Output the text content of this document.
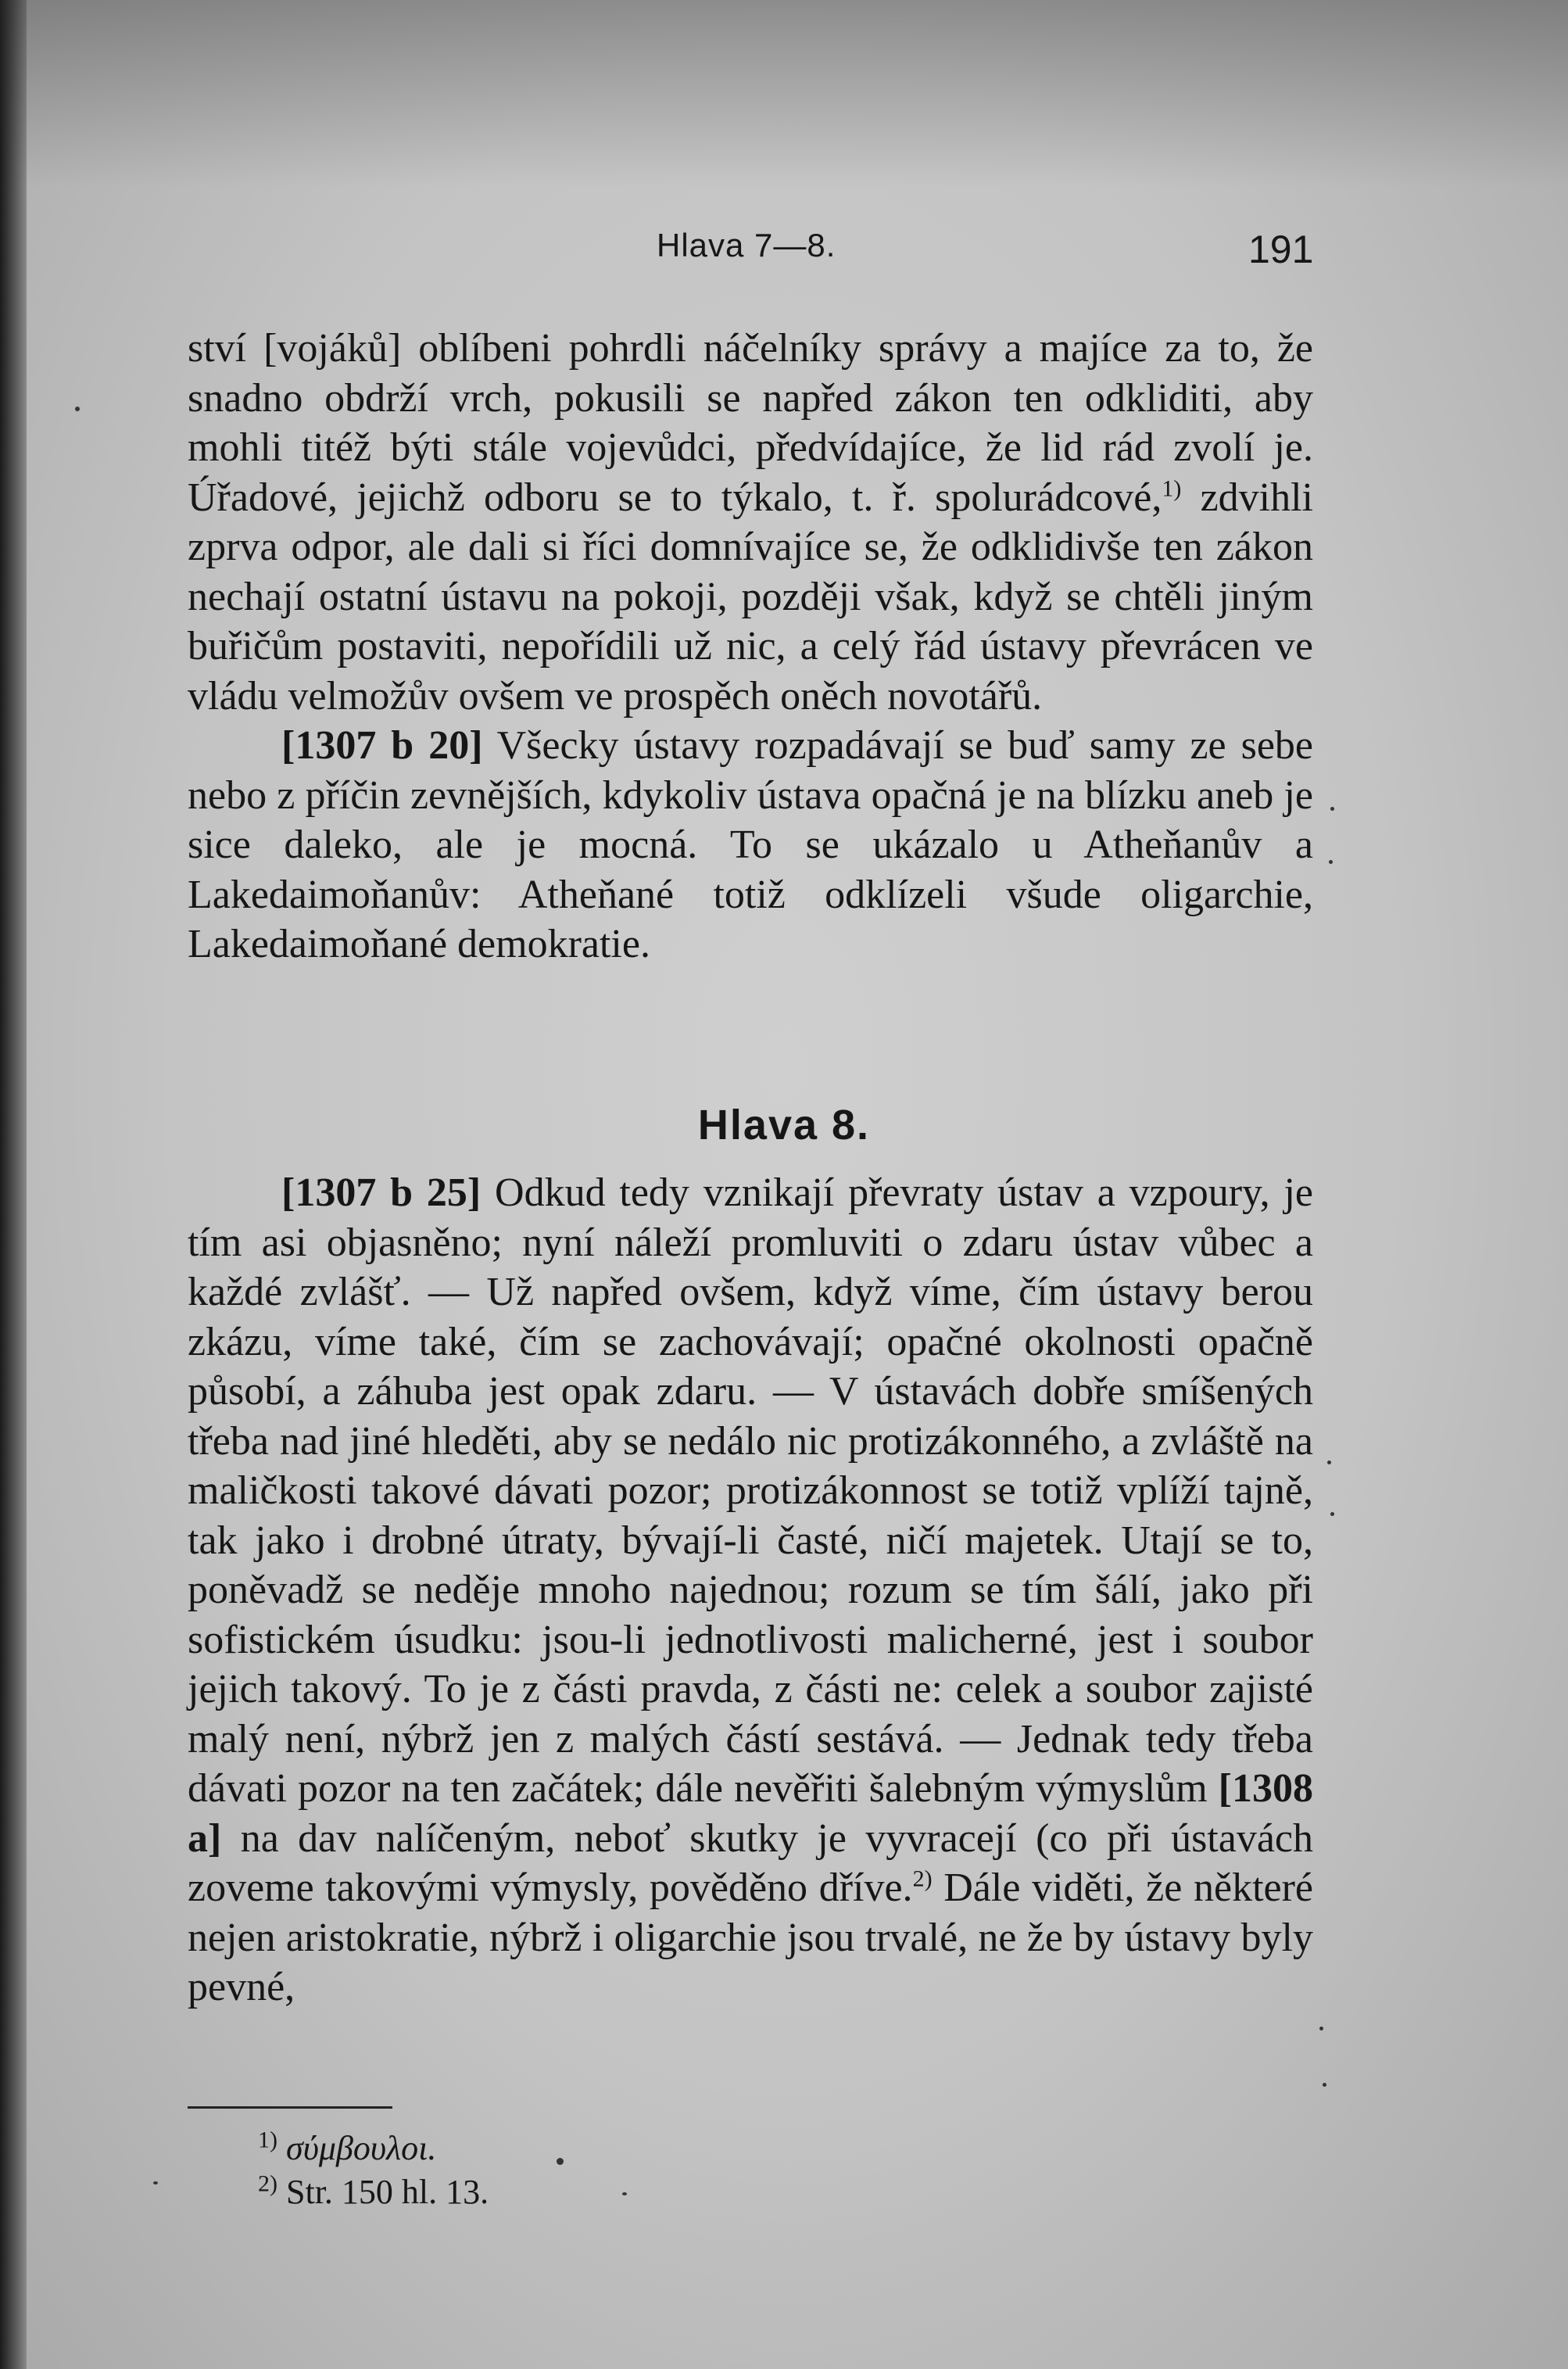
Hlava 7—8.	191

ství [vojáků] oblíbeni pohrdli náčelníky správy a majíce za to, že snadno obdrží vrch, pokusili se napřed zákon ten odkliditi, aby mohli titéž býti stále vojevůdci, předvídajíce, že lid rád zvolí je. Úřadové, jejichž odboru se to týkalo, t. ř. spolurádcové,$^{1)}$ zdvihli zprva odpor, ale dali si říci domnívajíce se, že odklidivše ten zákon nechají ostatní ústavu na pokoji, později však, když se chtěli jiným buřičům postaviti, nepořídili už nic, a celý řád ústavy převrácen ve vládu velmožův ovšem ve prospěch oněch novotářů.

[1307 b 20] Všecky ústavy rozpadávají se buď samy ze sebe nebo z příčin zevnějších, kdykoliv ústava opačná je na blízku aneb je sice daleko, ale je mocná. To se ukázalo u Atheňanův a Lakedaimoňanův: Atheňané totiž odklízeli všude oligarchie, Lakedaimoňané demokratie.

Hlava 8.

[1307 b 25] Odkud tedy vznikají převraty ústav a vzpoury, je tím asi objasněno; nyní náleží promluviti o zdaru ústav vůbec a každé zvlášť. — Už napřed ovšem, když víme, čím ústavy berou zkázu, víme také, čím se zachovávají; opačné okolnosti opačně působí, a záhuba jest opak zdaru. — V ústavách dobře smíšených třeba nad jiné hleděti, aby se nedálo nic protizákonného, a zvláště na maličkosti takové dávati pozor; protizákonnost se totiž vplíží tajně, tak jako i drobné útraty, bývají-li časté, ničí majetek. Utají se to, poněvadž se neděje mnoho najednou; rozum se tím šálí, jako při sofistickém úsudku: jsou-li jednotlivosti malicherné, jest i soubor jejich takový. To je z části pravda, z části ne: celek a soubor zajisté malý není, nýbrž jen z malých částí sestává. — Jednak tedy třeba dávati pozor na ten začátek; dále nevěřiti šalebným výmyslům [1308 a] na dav nalíčeným, neboť skutky je vyvracejí (co při ústavách zoveme takovými výmysly, pověděno dříve.$^{2)}$ Dále viděti, že některé nejen aristokratie, nýbrž i oligarchie jsou trvalé, ne že by ústavy byly pevné,

$^{1)}$ σύμβουλοι.
$^{2)}$ Str. 150 hl. 13.
